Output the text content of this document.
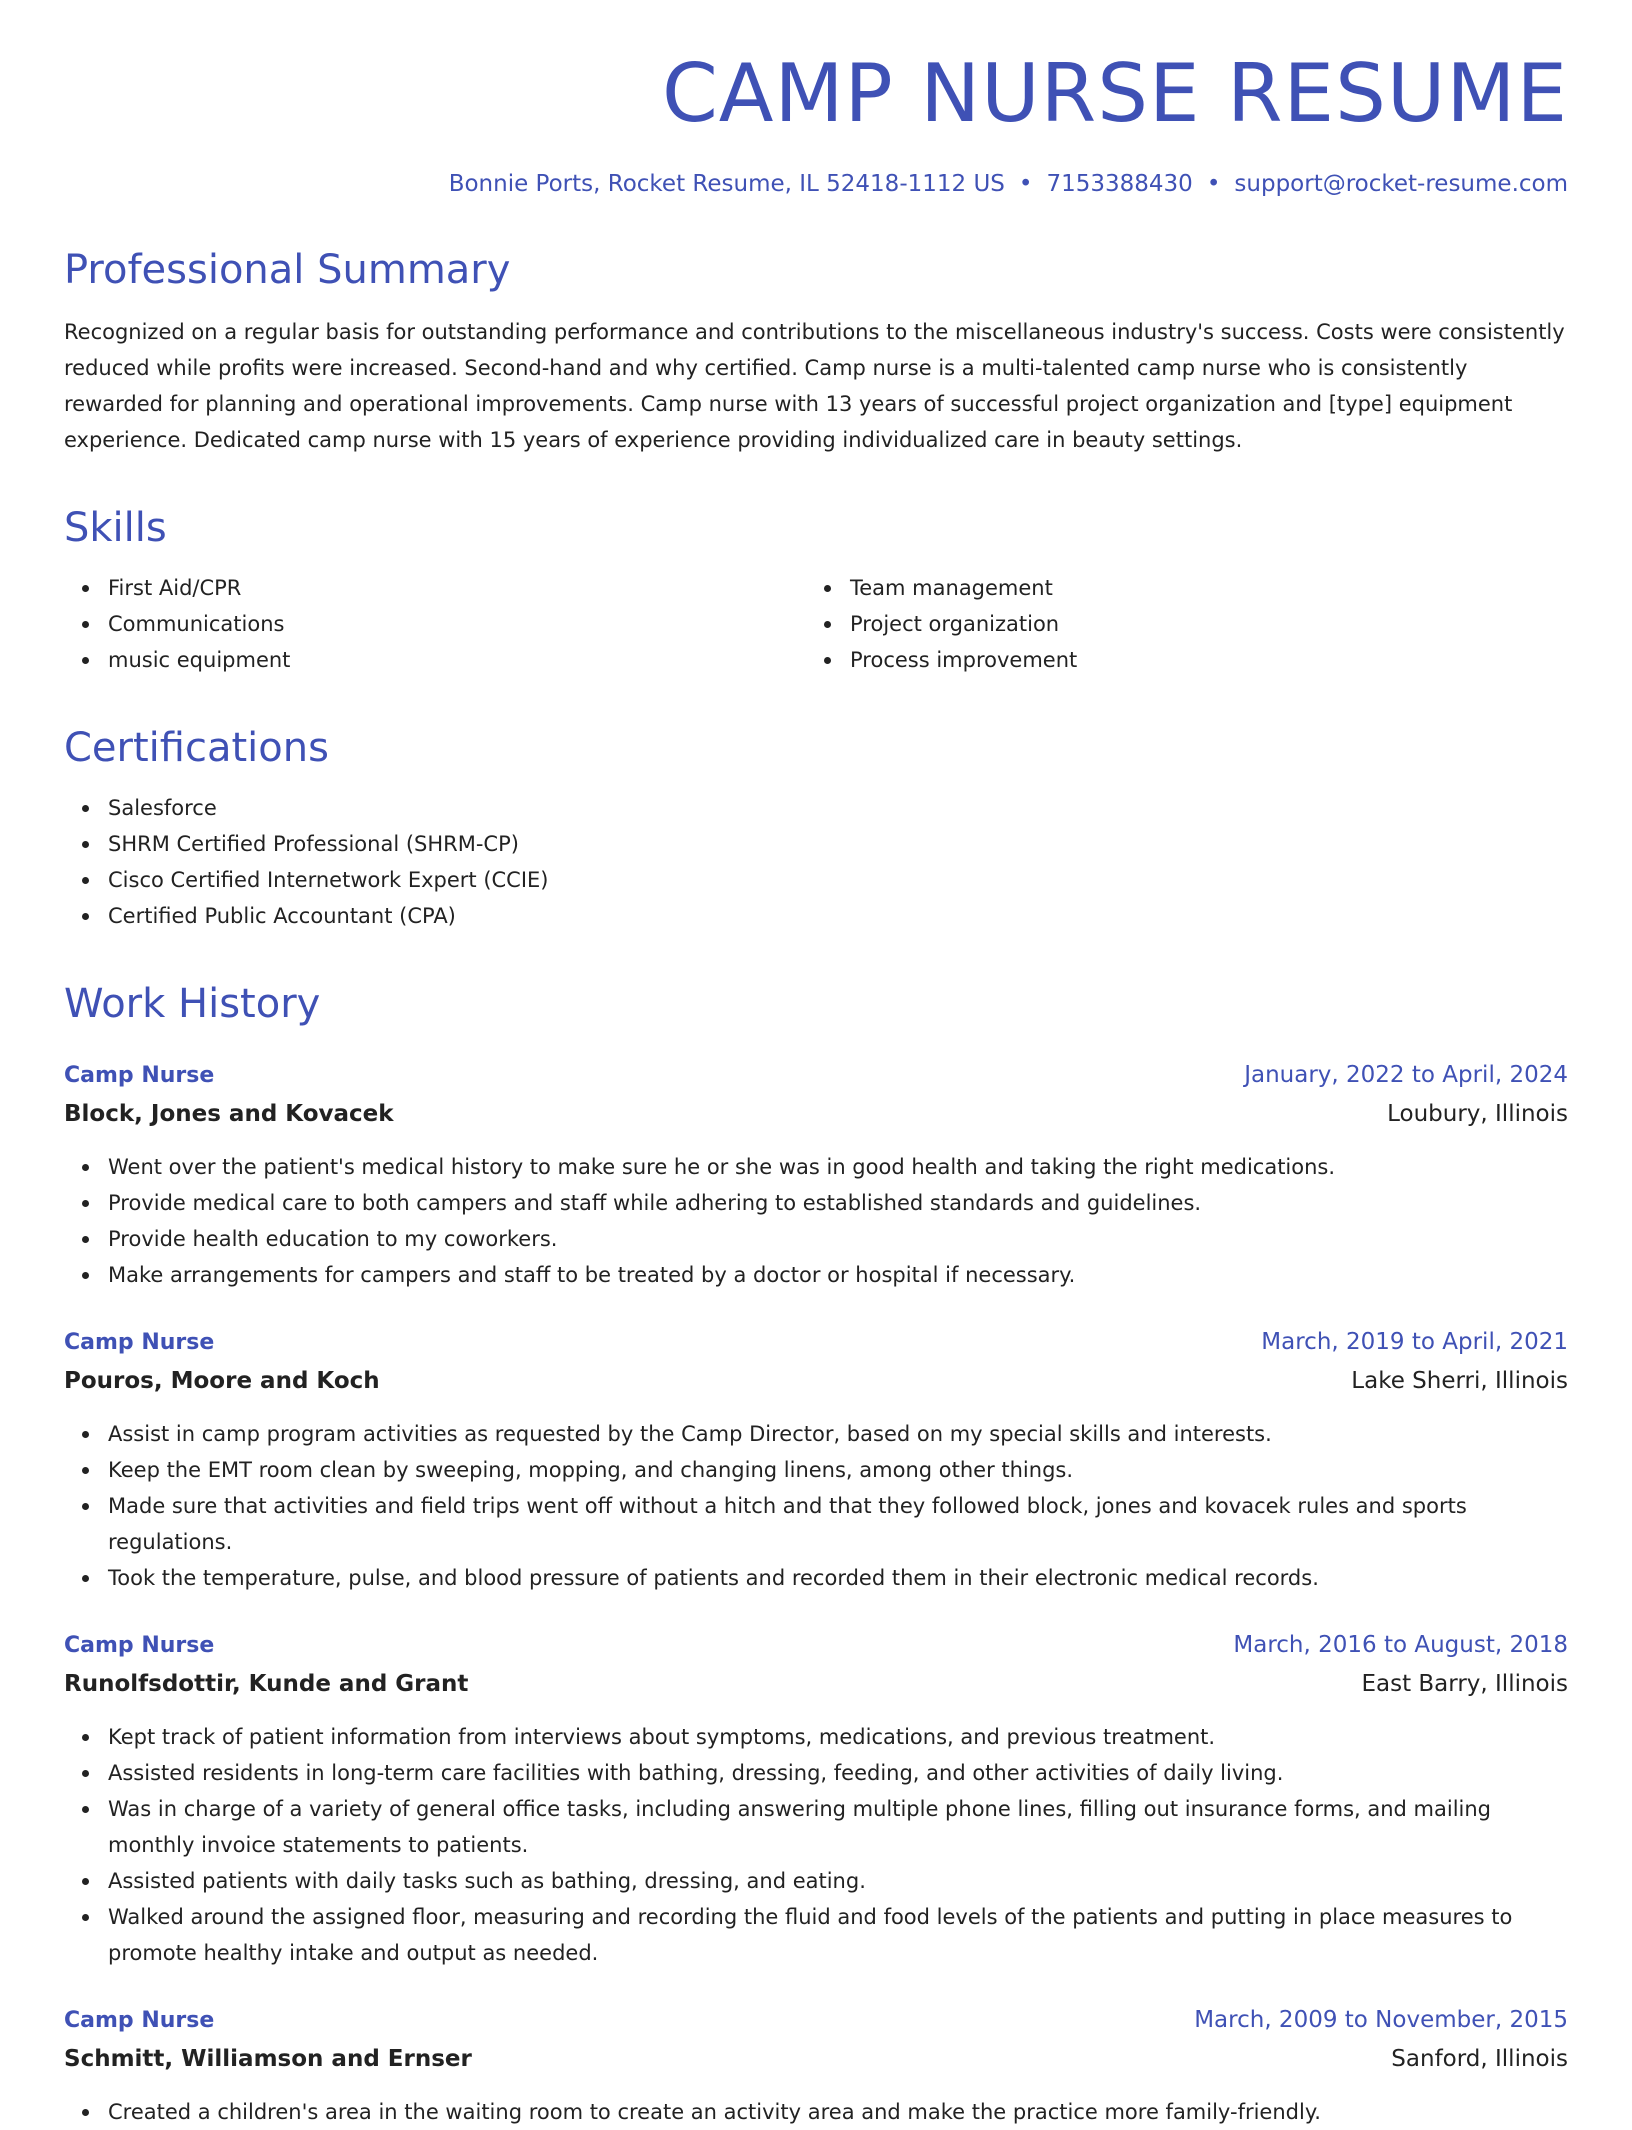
CAMP NURSE RESUME
Bonnie Ports, Rocket Resume, IL 52418-1112 US • 7153388430 • support@rocket-resume.com
Professional Summary
Recognized on a regular basis for outstanding performance and contributions to the miscellaneous industry's success. Costs were consistently reduced while profits were increased. Second-hand and why certified. Camp nurse is a multi-talented camp nurse who is consistently rewarded for planning and operational improvements. Camp nurse with 13 years of successful project organization and [type] equipment experience. Dedicated camp nurse with 15 years of experience providing individualized care in beauty settings.
Skills
First Aid/CPR
Communications
music equipment
Team management
Project organization
Process improvement
Certifications
Salesforce
SHRM Certified Professional (SHRM-CP)
Cisco Certified Internetwork Expert (CCIE)
Certified Public Accountant (CPA)
Work History
Camp Nurse	January, 2022 to April, 2024
Block, Jones and Kovacek	Loubury, Illinois
Went over the patient's medical history to make sure he or she was in good health and taking the right medications.
Provide medical care to both campers and staff while adhering to established standards and guidelines.
Provide health education to my coworkers.
Make arrangements for campers and staff to be treated by a doctor or hospital if necessary.
Camp Nurse	March, 2019 to April, 2021
Pouros, Moore and Koch	Lake Sherri, Illinois
Assist in camp program activities as requested by the Camp Director, based on my special skills and interests.
Keep the EMT room clean by sweeping, mopping, and changing linens, among other things.
Made sure that activities and field trips went off without a hitch and that they followed block, jones and kovacek rules and sports regulations.
Took the temperature, pulse, and blood pressure of patients and recorded them in their electronic medical records.
Camp Nurse	March, 2016 to August, 2018
Runolfsdottir, Kunde and Grant	East Barry, Illinois
Kept track of patient information from interviews about symptoms, medications, and previous treatment.
Assisted residents in long-term care facilities with bathing, dressing, feeding, and other activities of daily living.
Was in charge of a variety of general office tasks, including answering multiple phone lines, filling out insurance forms, and mailing monthly invoice statements to patients.
Assisted patients with daily tasks such as bathing, dressing, and eating.
Walked around the assigned floor, measuring and recording the fluid and food levels of the patients and putting in place measures to promote healthy intake and output as needed.
Camp Nurse	March, 2009 to November, 2015
Schmitt, Williamson and Ernser	Sanford, Illinois
Created a children's area in the waiting room to create an activity area and make the practice more family-friendly.
